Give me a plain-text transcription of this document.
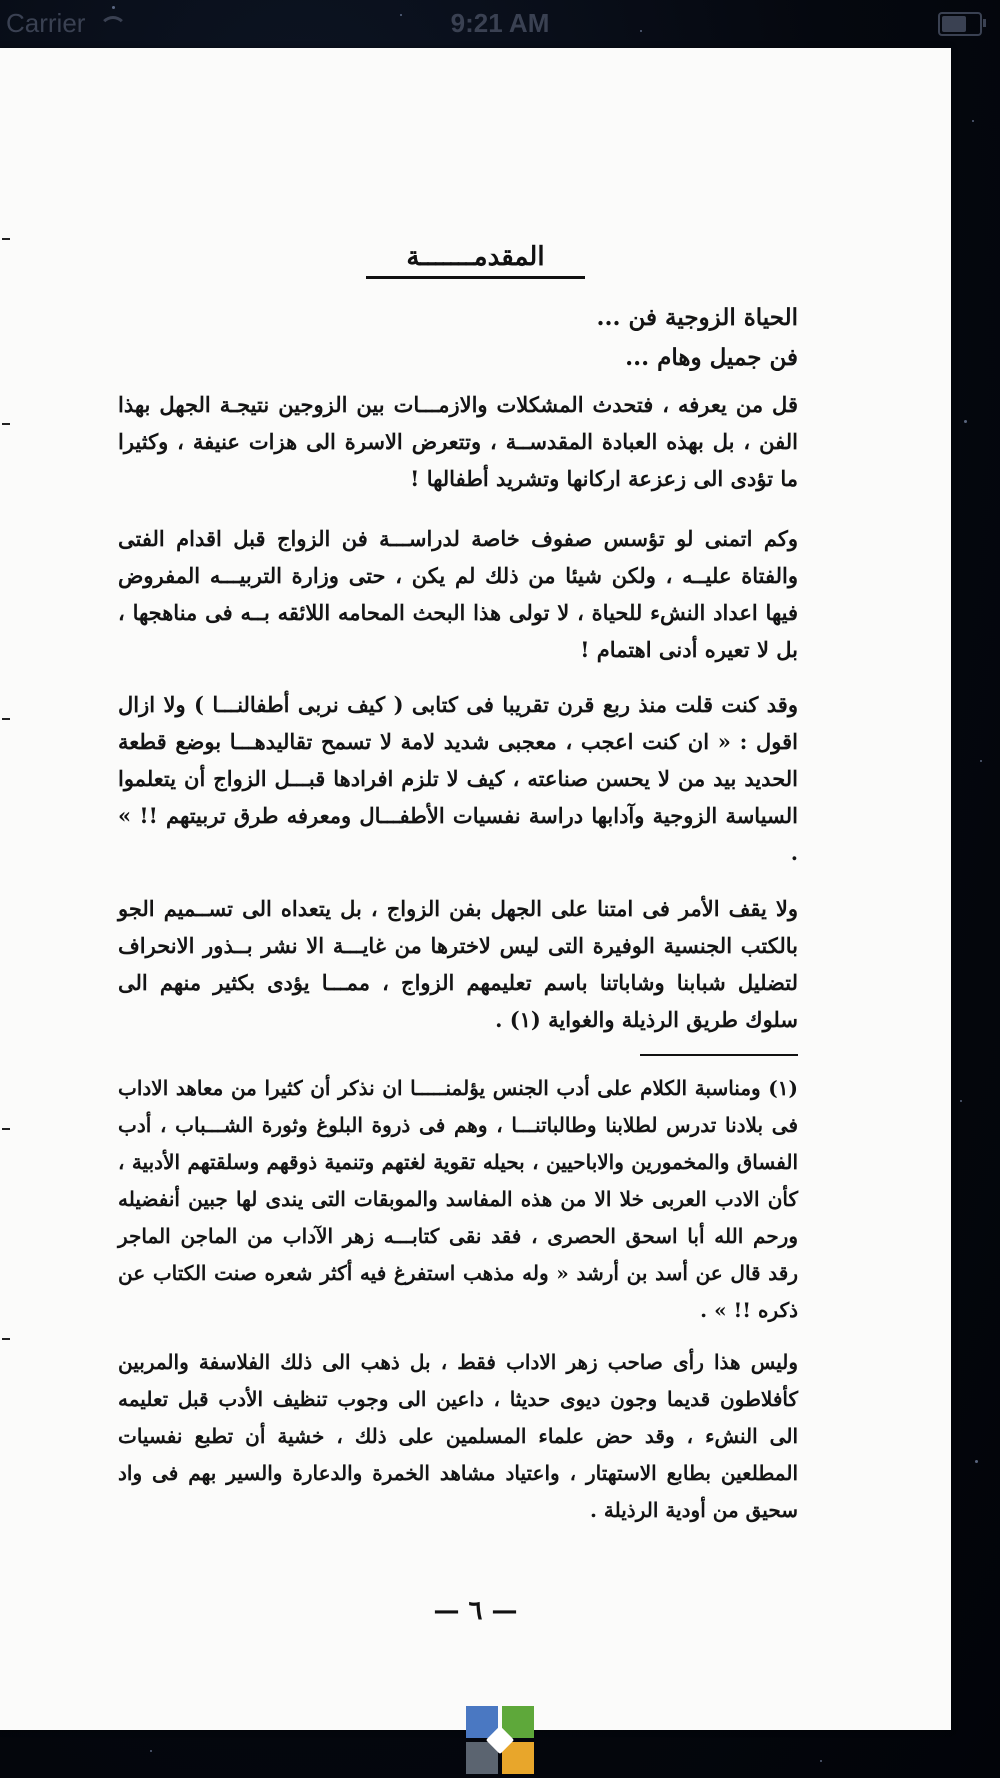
Carrier	9:21 AM
المقدمـــــــة
الحياة الزوجية فن ...
فن جميل وهام ...

قل من يعرفه ، فتحدث المشكلات والازمـــات بين الزوجين نتيجـة الجهل بهذا الفن ، بل بهذه العبادة المقدســة ، وتتعرض الاسرة الى هزات عنيفة ، وكثيرا ما تؤدى الى زعزعة اركانها وتشريد أطفالها !

وكم اتمنى لو تؤسس صفوف خاصة لدراســـة فن الزواج قبل اقدام الفتى والفتاة عليــه ، ولكن شيئا من ذلك لم يكن ، حتى وزارة التربيـــه المفروض فيها اعداد النشء للحياة ، لا تولى هذا البحث المحامه اللائقه بــه فى مناهجها ، بل لا تعيره أدنى اهتمام !

وقد كنت قلت منذ ربع قرن تقريبا فى كتابى ( كيف نربى أطفالنـــا ) ولا ازال اقول : « ان كنت اعجب ، معجبى شديد لامة لا تسمح تقاليدهـــا بوضع قطعة الحديد بيد من لا يحسن صناعته ، كيف لا تلزم افرادها قبـــل الزواج أن يتعلموا السياسة الزوجية وآدابها دراسة نفسيات الأطفـــال ومعرفه طرق تربيتهم !! » .

ولا يقف الأمر فى امتنا على الجهل بفن الزواج ، بل يتعداه الى تســميم الجو بالكتب الجنسية الوفيرة التى ليس لاخترها من غايـــة الا نشر بــذور الانحراف لتضليل شبابنا وشاباتنا باسم تعليمهم الزواج ، ممـــا يؤدى بكثير منهم الى سلوك طريق الرذيلة والغواية (١) .

(١) ومناسبة الكلام على أدب الجنس يؤلمنـــــا ان نذكر أن كثيرا من معاهد الاداب فى بلادنا تدرس لطلابنا وطالباتنـــا ، وهم فى ذروة البلوغ وثورة الشـــباب ، أدب الفساق والمخمورين والاباحيين ، بحيله تقوية لغتهم وتنمية ذوقهم وسلقتهم الأدبية ، كأن الادب العربى خلا الا من هذه المفاسد والموبقات التى يندى لها جبين أنفضيله ورحم الله أبا اسحق الحصرى ، فقد نقى كتابـــه زهر الآداب من الماجن الماجر رقد قال عن أسد بن أرشد « وله مذهب استفرغ فيه أكثر شعره صنت الكتاب عن ذكره !! » .

وليس هذا رأى صاحب زهر الاداب فقط ، بل ذهب الى ذلك الفلاسفة والمربين كأفلاطون قديما وجون ديوى حديثا ، داعين الى وجوب تنظيف الأدب قبل تعليمه الى النشء ، وقد حض علماء المسلمين على ذلك ، خشية أن تطبع نفسيات المطلعين بطابع الاستهتار ، واعتياد مشاهد الخمرة والدعارة والسير بهم فى واد سحيق من أودية الرذيلة .

— ٦ —
